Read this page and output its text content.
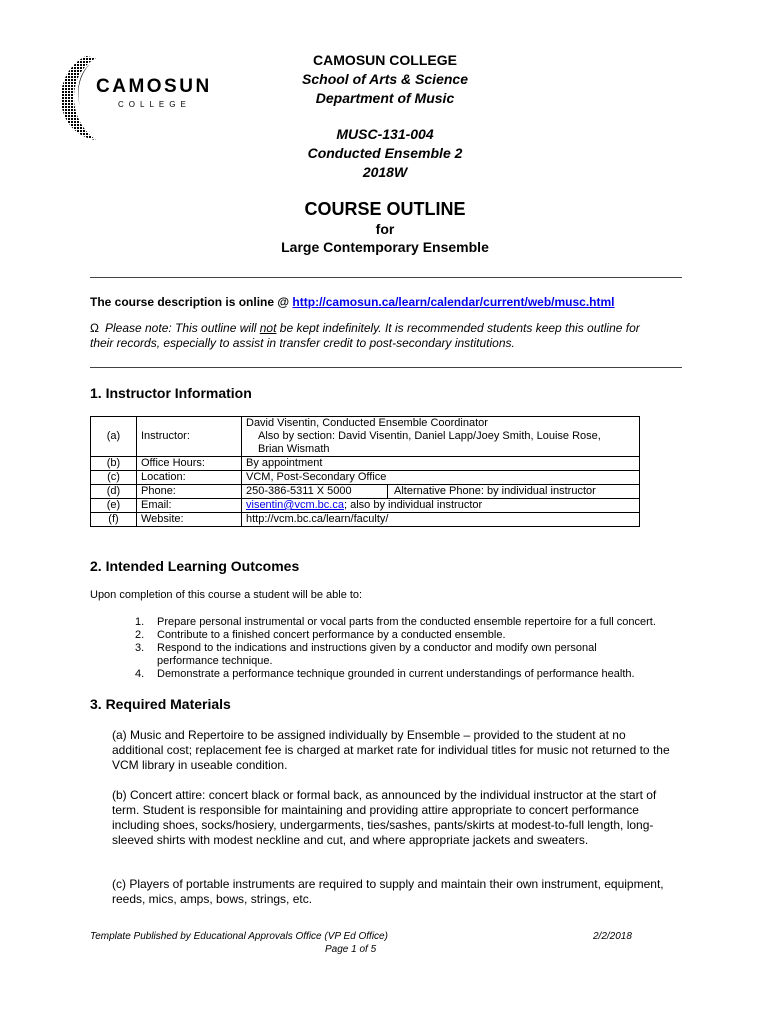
CAMOSUN
COLLEGE
CAMOSUN COLLEGE
School of Arts & Science
Department of Music
MUSC-131-004
Conducted Ensemble 2
2018W
COURSE OUTLINE
for
Large Contemporary Ensemble
The course description is online @ http://camosun.ca/learn/calendar/current/web/musc.html
Ω Please note: This outline will not be kept indefinitely. It is recommended students keep this outline for
their records, especially to assist in transfer credit to post-secondary institutions.
1. Instructor Information
(a)	Instructor:	David Visentin, Conducted Ensemble Coordinator
Also by section: David Visentin, Daniel Lapp/Joey Smith, Louise Rose,
Brian Wismath

(b)	Office Hours:	By appointment
(c)	Location:	VCM, Post-Secondary Office
(d)	Phone:	250-386-5311 X 5000 Alternative Phone: by individual instructor
(e)	Email:	visentin@vcm.bc.ca; also by individual instructor
(f)	Website:	http://vcm.bc.ca/learn/faculty/
2. Intended Learning Outcomes
Upon completion of this course a student will be able to:
1. Prepare personal instrumental or vocal parts from the conducted ensemble repertoire for a full concert.
2. Contribute to a finished concert performance by a conducted ensemble.
3. Respond to the indications and instructions given by a conductor and modify own personal performance technique.
4. Demonstrate a performance technique grounded in current understandings of performance health.
3. Required Materials
(a) Music and Repertoire to be assigned individually by Ensemble – provided to the student at no additional cost; replacement fee is charged at market rate for individual titles for music not returned to the VCM library in useable condition.
(b) Concert attire: concert black or formal back, as announced by the individual instructor at the start of term. Student is responsible for maintaining and providing attire appropriate to concert performance including shoes, socks/hosiery, undergarments, ties/sashes, pants/skirts at modest-to-full length, long-sleeved shirts with modest neckline and cut, and where appropriate jackets and sweaters.
(c) Players of portable instruments are required to supply and maintain their own instrument, equipment, reeds, mics, amps, bows, strings, etc.
Template Published by Educational Approvals Office (VP Ed Office)
Page 1 of 5
2/2/2018
